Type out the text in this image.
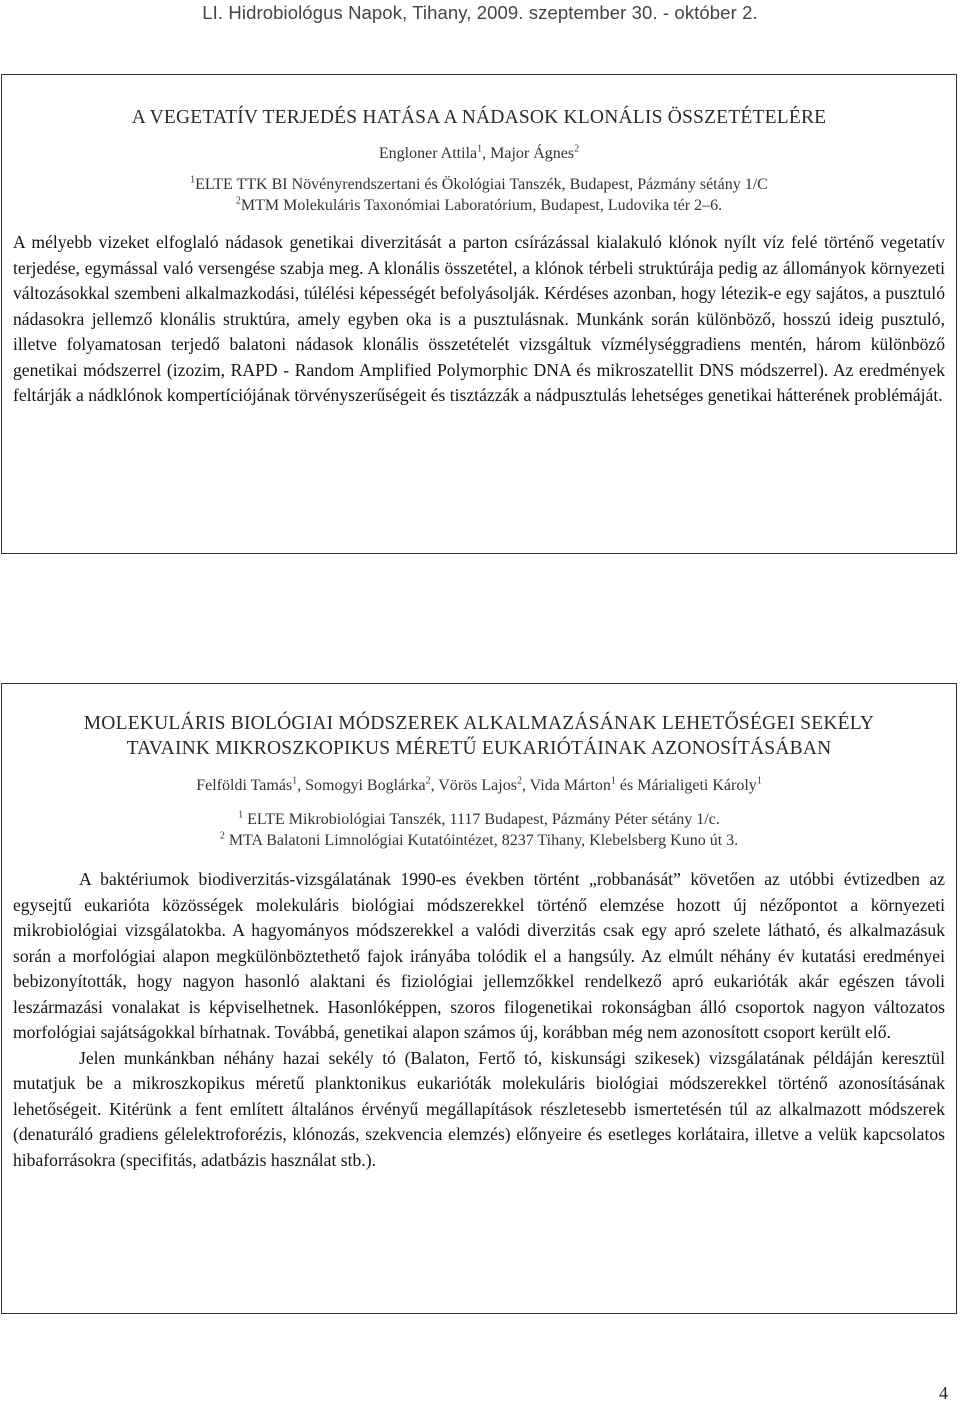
LI. Hidrobiológus Napok, Tihany, 2009. szeptember 30. - október 2.

A VEGETATÍV TERJEDÉS HATÁSA A NÁDASOK KLONÁLIS ÖSSZETÉTELÉRE

Engloner Attila$^1$, Major Ágnes$^2$
$^1$ELTE TTK BI Növényrendszertani és Ökológiai Tanszék, Budapest, Pázmány sétány 1/C
$^2$MTM Molekuláris Taxonómiai Laboratórium, Budapest, Ludovika tér 2–6.

A mélyebb vizeket elfoglaló nádasok genetikai diverzitását a parton csírázással kialakuló klónok nyílt víz felé történő vegetatív terjedése, egymással való versengése szabja meg. A klonális összetétel, a klónok térbeli struktúrája pedig az állományok környezeti változásokkal szembeni alkalmazkodási, túlélési képességét befolyásolják. Kérdéses azonban, hogy létezik-e egy sajátos, a pusztuló nádasokra jellemző klonális struktúra, amely egyben oka is a pusztulásnak. Munkánk során különböző, hosszú ideig pusztuló, illetve folyamatosan terjedő balatoni nádasok klonális összetételét vizsgáltuk vízmélységgradiens mentén, három különböző genetikai módszerrel (izozim, RAPD - Random Amplified Polymorphic DNA és mikroszatellit DNS módszerrel). Az eredmények feltárják a nádklónok kompertíciójának törvényszerűségeit és tisztázzák a nádpusztulás lehetséges genetikai hátterének problémáját.

MOLEKULÁRIS BIOLÓGIAI MÓDSZEREK ALKALMAZÁSÁNAK LEHETŐSÉGEI SEKÉLY
TAVAINK MIKROSZKOPIKUS MÉRETŰ EUKARIÓTÁINAK AZONOSÍTÁSÁBAN
Felföldi Tamás$^1$, Somogyi Boglárka$^2$, Vörös Lajos$^2$, Vida Márton$^1$ és Márialigeti Károly$^1$
$^1$ ELTE Mikrobiológiai Tanszék, 1117 Budapest, Pázmány Péter sétány 1/c.
$^2$ MTA Balatoni Limnológiai Kutatóintézet, 8237 Tihany, Klebelsberg Kuno út 3.

A baktériumok biodiverzitás-vizsgálatának 1990-es években történt „robbanását” követően az utóbbi évtizedben az egysejtű eukarióta közösségek molekuláris biológiai módszerekkel történő elemzése hozott új nézőpontot a környezeti mikrobiológiai vizsgálatokba. A hagyományos módszerekkel a valódi diverzitás csak egy apró szelete látható, és alkalmazásuk során a morfológiai alapon megkülönböztethető fajok irányába tolódik el a hangsúly. Az elmúlt néhány év kutatási eredményei bebizonyították, hogy nagyon hasonló alaktani és fiziológiai jellemzőkkel rendelkező apró eukarióták akár egészen távoli leszármazási vonalakat is képviselhetnek. Hasonlóképpen, szoros filogenetikai rokonságban álló csoportok nagyon változatos morfológiai sajátságokkal bírhatnak. Továbbá, genetikai alapon számos új, korábban még nem azonosított csoport került elő.

Jelen munkánkban néhány hazai sekély tó (Balaton, Fertő tó, kiskunsági szikesek) vizsgálatának példáján keresztül mutatjuk be a mikroszkopikus méretű planktonikus eukarióták molekuláris biológiai módszerekkel történő azonosításának lehetőségeit. Kitérünk a fent említett általános érvényű megállapítások részletesebb ismertetésén túl az alkalmazott módszerek (denaturáló gradiens gélelektroforézis, klónozás, szekvencia elemzés) előnyeire és esetleges korlátaira, illetve a velük kapcsolatos hibaforrásokra (specifitás, adatbázis használat stb.).

4
